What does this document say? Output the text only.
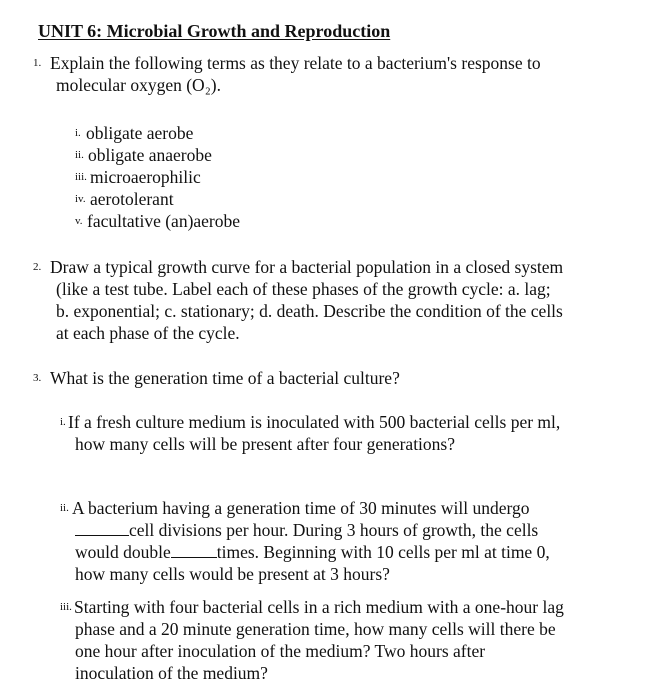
UNIT 6: Microbial Growth and Reproduction
1. Explain the following terms as they relate to a bacterium's response to
molecular oxygen (O₂).
i. obligate aerobe
ii. obligate anaerobe
iii. microaerophilic
iv. aerotolerant
v. facultative (an)aerobe
2. Draw a typical growth curve for a bacterial population in a closed system
(like a test tube. Label each of these phases of the growth cycle: a. lag;
b. exponential; c. stationary; d. death. Describe the condition of the cells
at each phase of the cycle.
3. What is the generation time of a bacterial culture?
i. If a fresh culture medium is inoculated with 500 bacterial cells per ml,
how many cells will be present after four generations?
ii. A bacterium having a generation time of 30 minutes will undergo
cell divisions per hour. During 3 hours of growth, the cells
would double	times. Beginning with 10 cells per ml at time 0,
how many cells would be present at 3 hours?
iii. Starting with four bacterial cells in a rich medium with a one-hour lag
phase and a 20 minute generation time, how many cells will there be
one hour after inoculation of the medium? Two hours after
inoculation of the medium?
